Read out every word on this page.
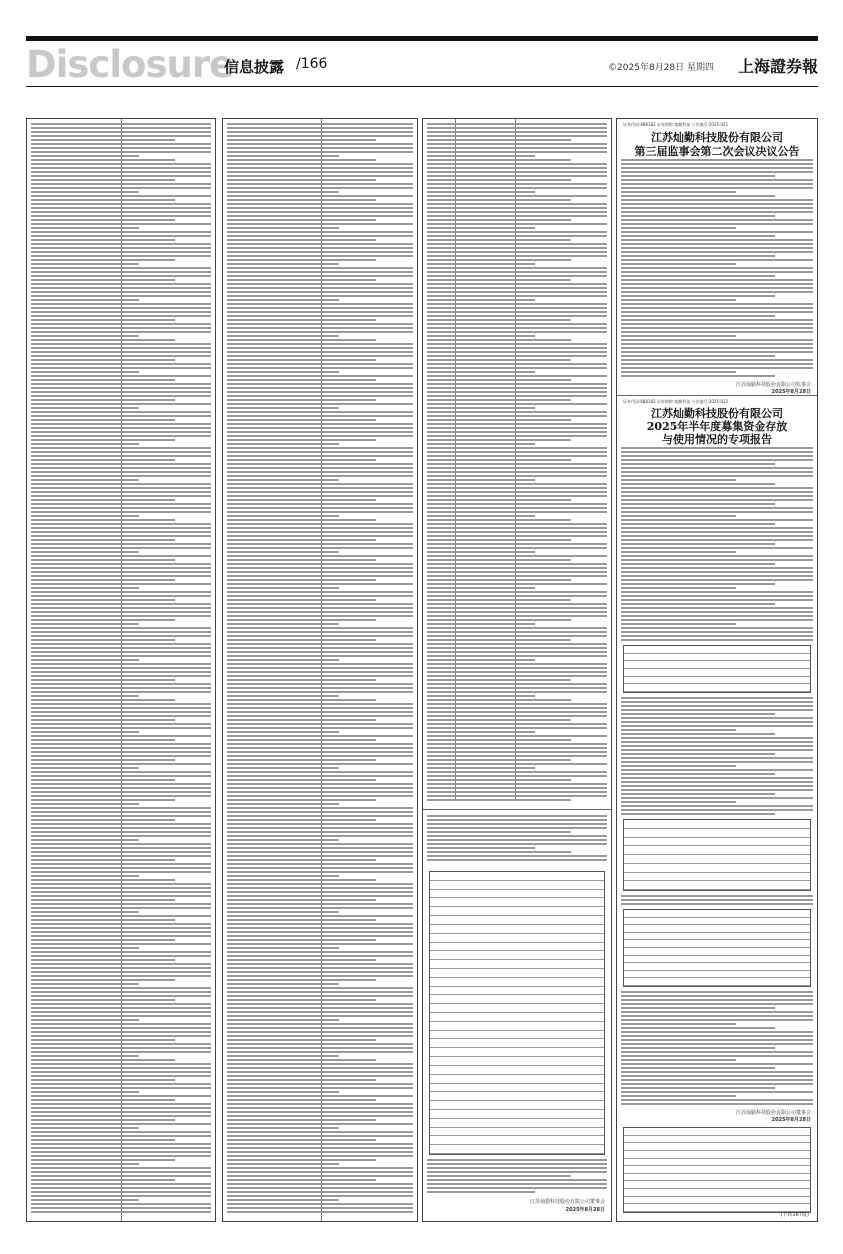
Disclosure
信息披露 /166	©2025年8月28日 星期四 上海證券報
江苏灿勤科技股份有限公司董事会
2025年8月28日
证券代码:688182 证券简称:灿勤科技 公告编号:2025-021
江苏灿勤科技股份有限公司
第三届监事会第二次会议决议公告
江苏灿勤科技股份有限公司监事会
2025年8月28日
证券代码:688182 证券简称:灿勤科技 公告编号:2025-022
江苏灿勤科技股份有限公司
2025年半年度募集资金存放
与使用情况的专项报告
江苏灿勤科技股份有限公司董事会
2025年8月28日
(下转167版)
